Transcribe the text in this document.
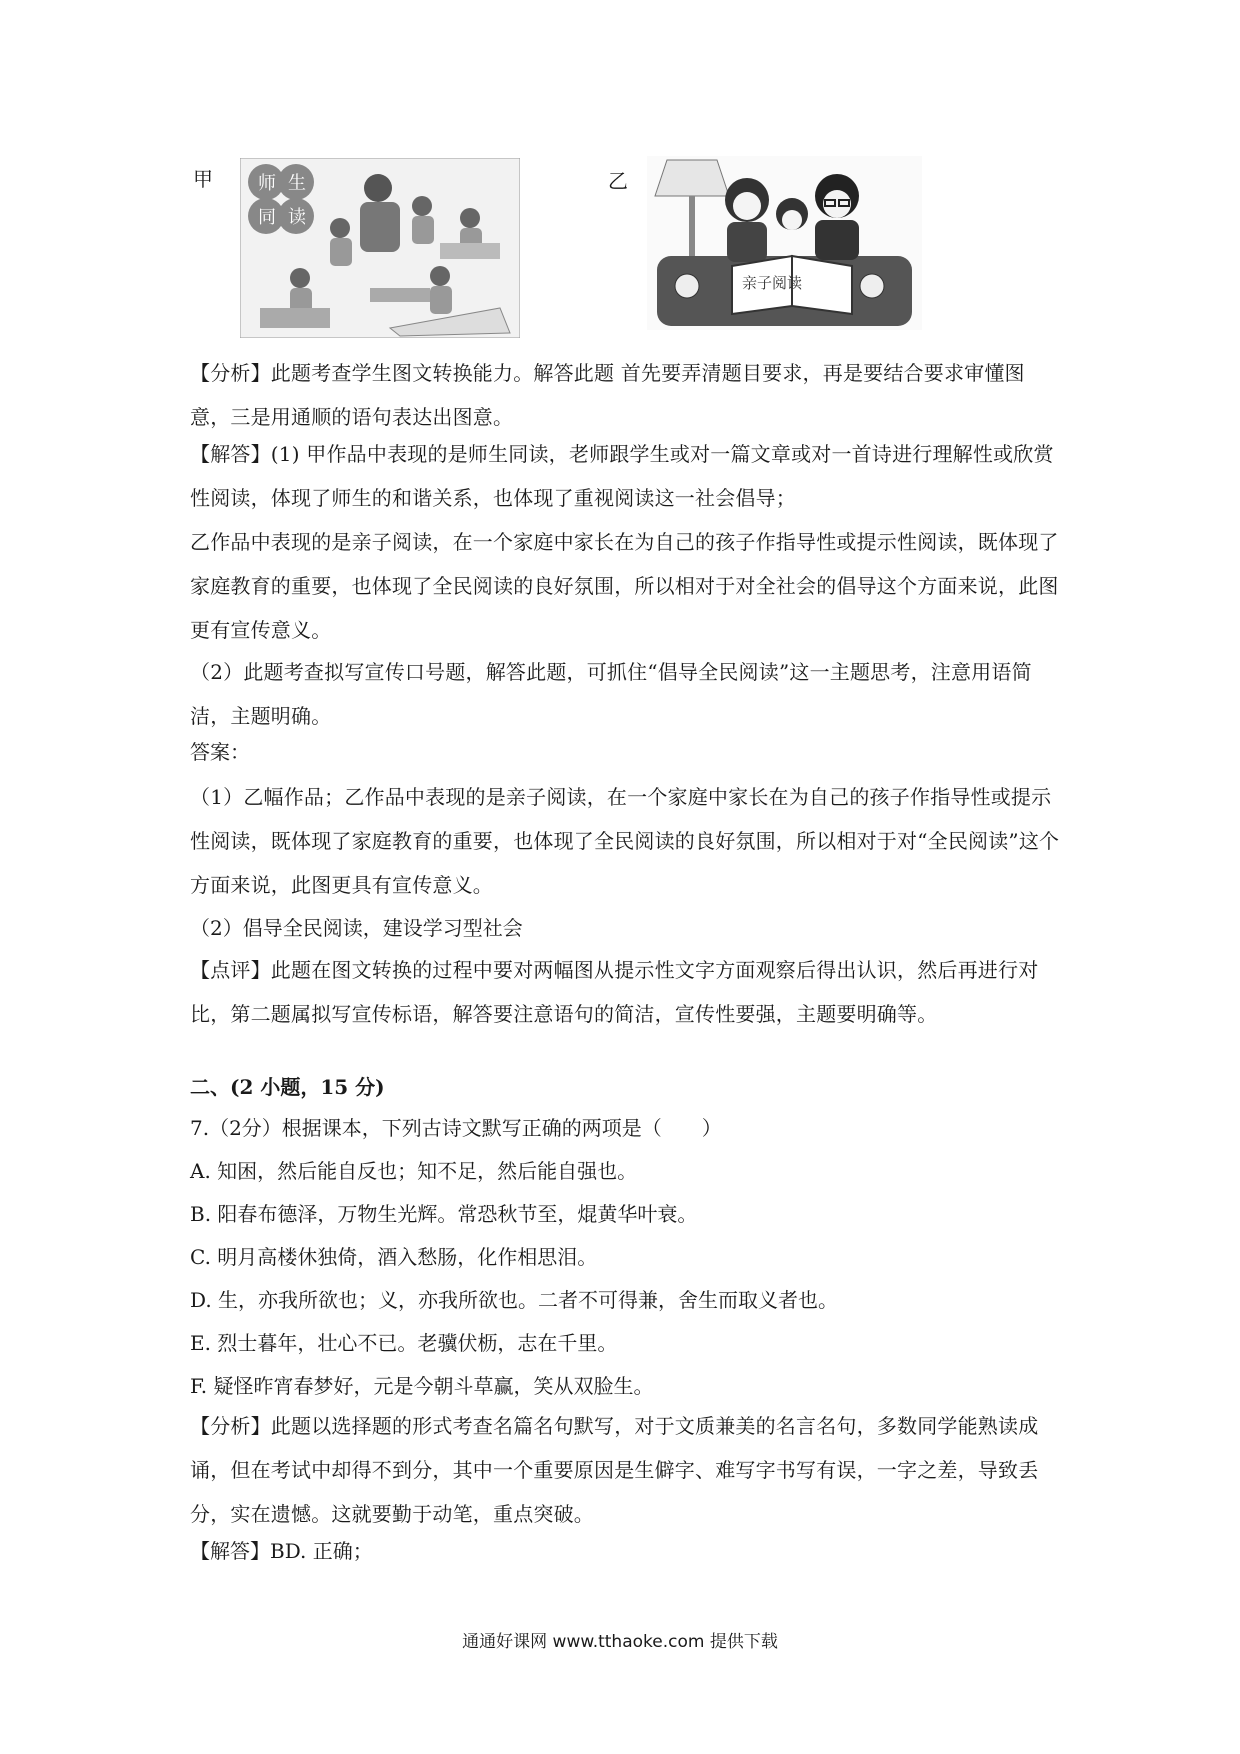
甲	乙
师 生
同 读
亲子阅读
【分析】此题考查学生图文转换能力。解答此题 首先要弄清题目要求，再是要结合要求审懂图意，三是用通顺的语句表达出图意。
【解答】(1) 甲作品中表现的是师生同读，老师跟学生或对一篇文章或对一首诗进行理解性或欣赏性阅读，体现了师生的和谐关系，也体现了重视阅读这一社会倡导；
乙作品中表现的是亲子阅读，在一个家庭中家长在为自己的孩子作指导性或提示性阅读，既体现了家庭教育的重要，也体现了全民阅读的良好氛围，所以相对于对全社会的倡导这个方面来说，此图更有宣传意义。
（2）此题考查拟写宣传口号题，解答此题，可抓住“倡导全民阅读”这一主题思考，注意用语简洁，主题明确。
答案：
（1）乙幅作品；乙作品中表现的是亲子阅读，在一个家庭中家长在为自己的孩子作指导性或提示性阅读，既体现了家庭教育的重要，也体现了全民阅读的良好氛围，所以相对于对“全民阅读”这个方面来说，此图更具有宣传意义。
（2）倡导全民阅读，建设学习型社会
【点评】此题在图文转换的过程中要对两幅图从提示性文字方面观察后得出认识，然后再进行对比，第二题属拟写宣传标语，解答要注意语句的简洁，宣传性要强，主题要明确等。
二、(2 小题，15 分)
7.（2分）根据课本，下列古诗文默写正确的两项是（　　）
A. 知困，然后能自反也；知不足，然后能自强也。
B. 阳春布德泽，万物生光辉。常恐秋节至，焜黄华叶衰。
C. 明月高楼休独倚，酒入愁肠，化作相思泪。
D. 生，亦我所欲也；义，亦我所欲也。二者不可得兼，舍生而取义者也。
E. 烈士暮年，壮心不已。老骥伏枥，志在千里。
F. 疑怪昨宵春梦好，元是今朝斗草赢，笑从双脸生。
【分析】此题以选择题的形式考查名篇名句默写，对于文质兼美的名言名句，多数同学能熟读成诵，但在考试中却得不到分，其中一个重要原因是生僻字、难写字书写有误，一字之差，导致丢分，实在遗憾。这就要勤于动笔，重点突破。
【解答】BD. 正确；
通通好课网 www.tthaoke.com 提供下载
